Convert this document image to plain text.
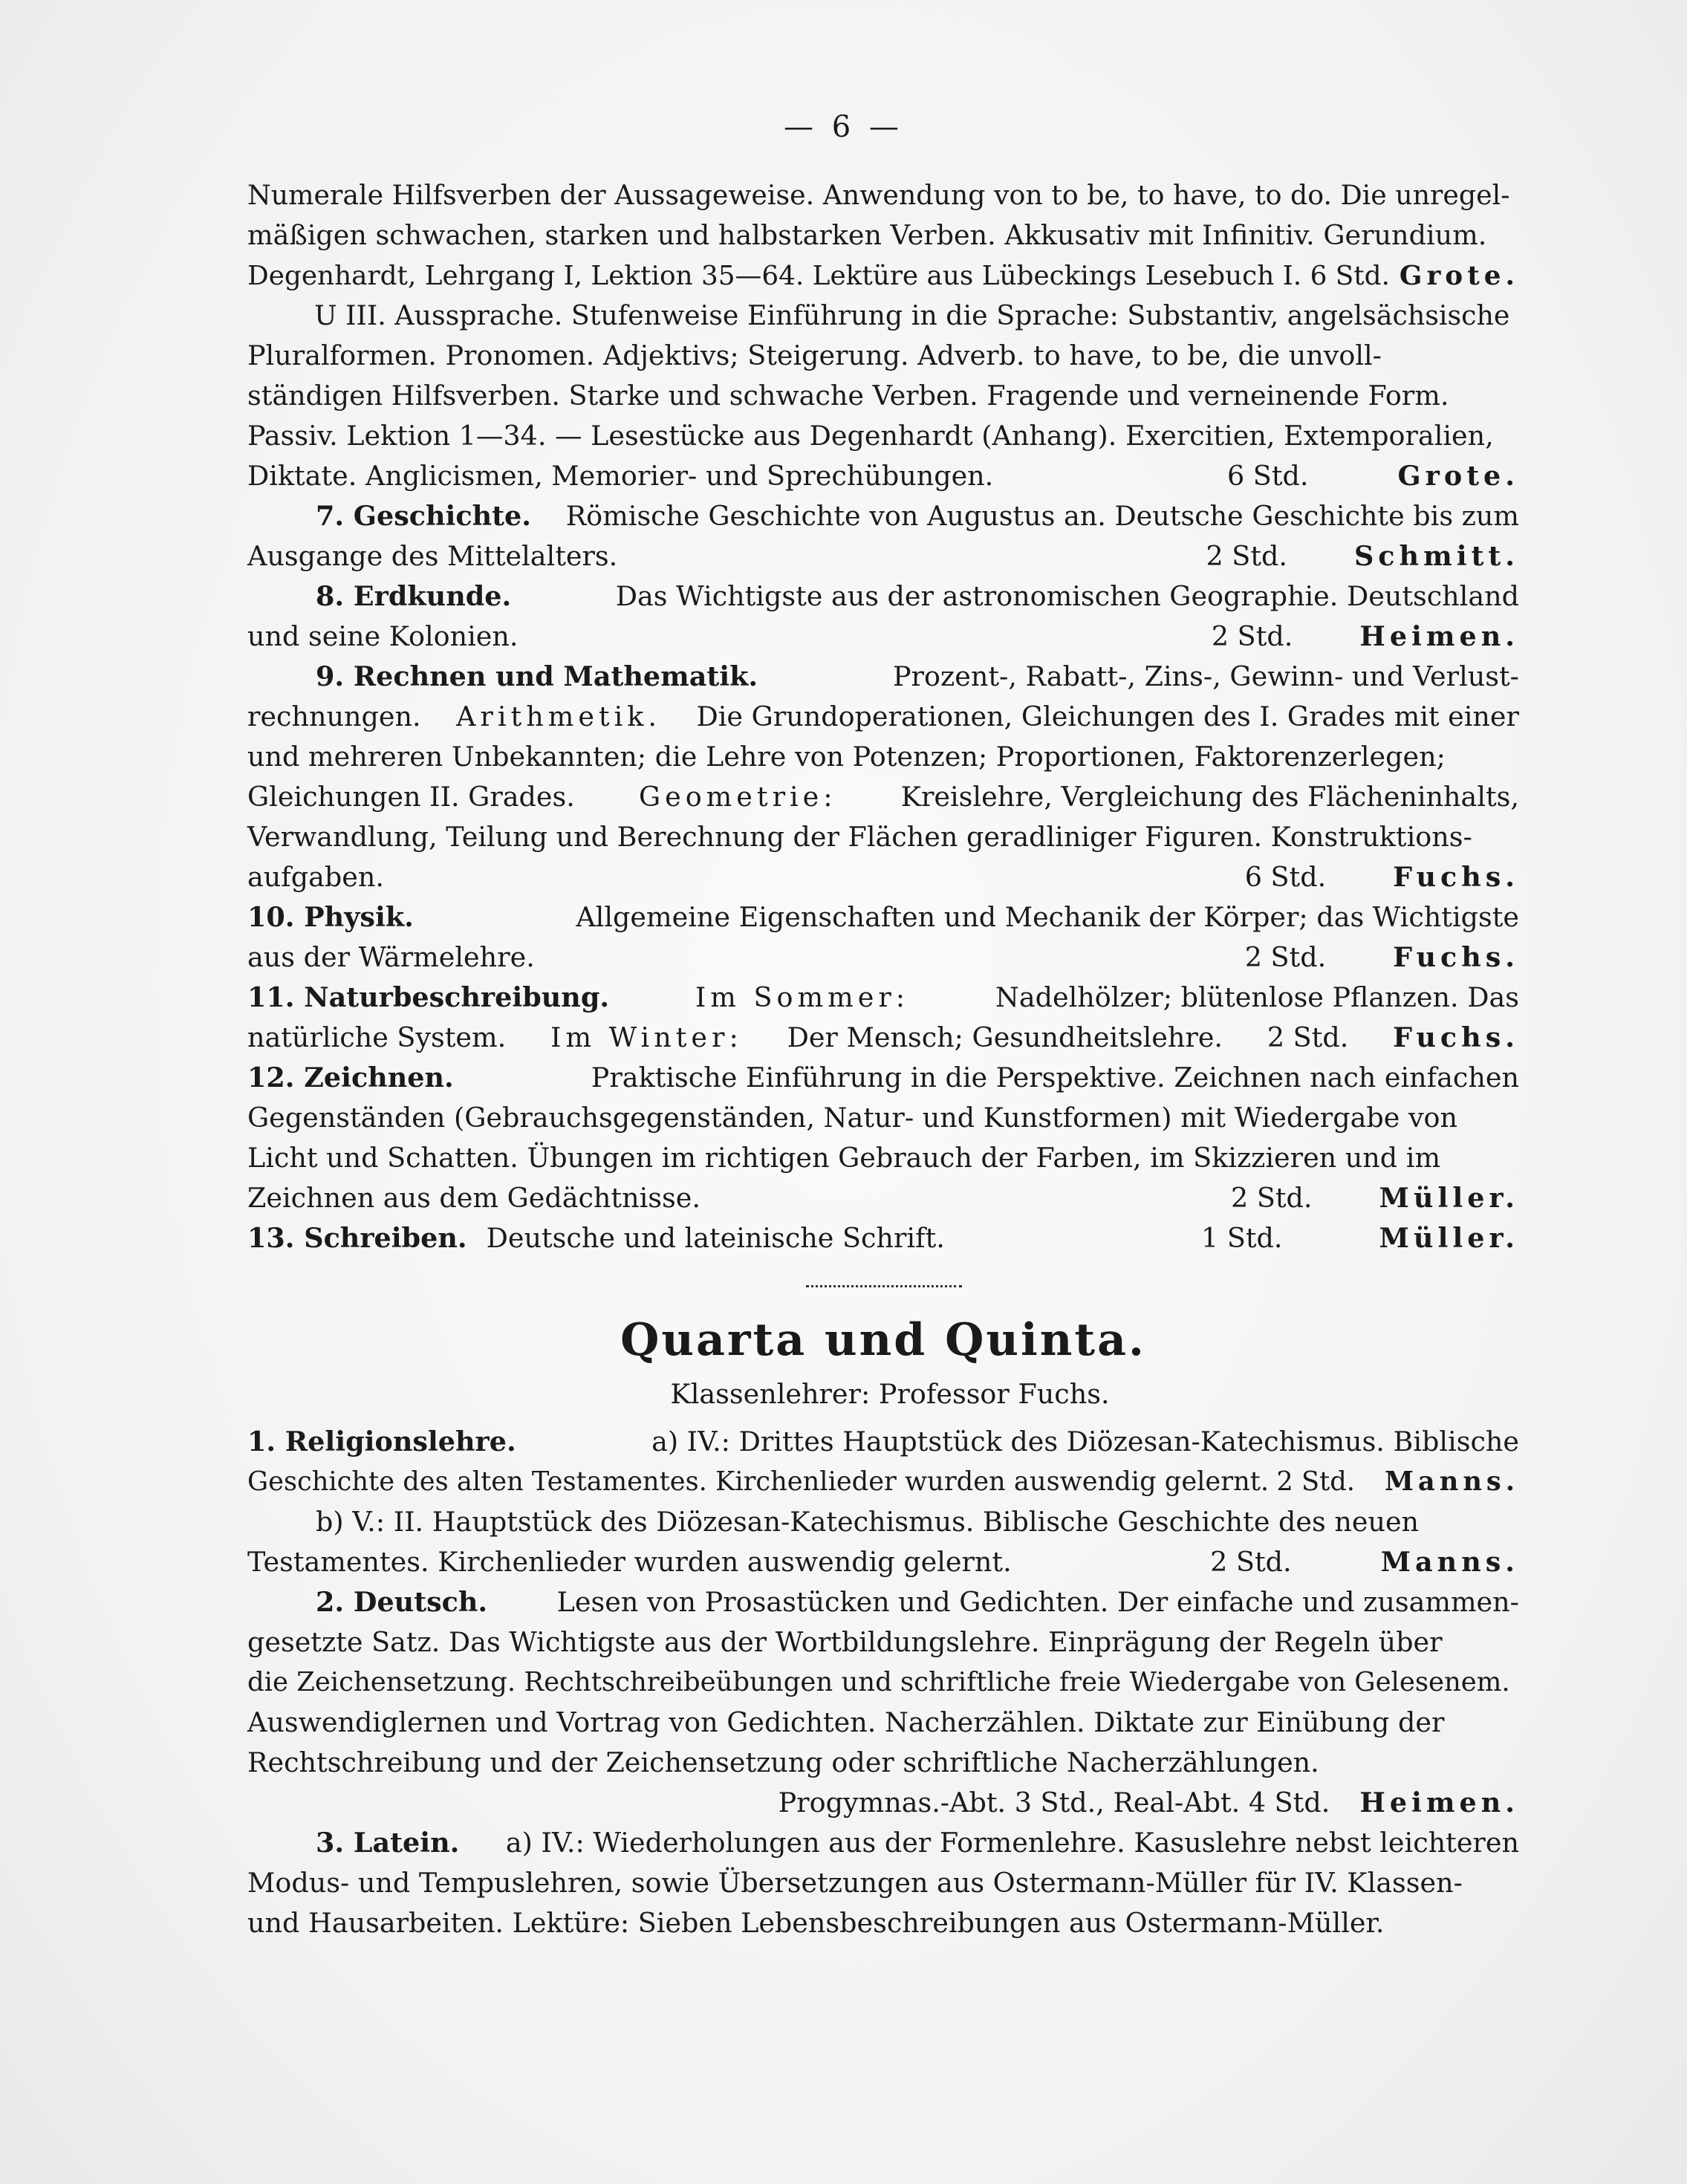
— 6 —
Numerale Hilfsverben der Aussageweise. Anwendung von to be, to have, to do. Die unregel-
mäßigen schwachen, starken und halbstarken Verben. Akkusativ mit Infinitiv. Gerundium.
Degenhardt, Lehrgang I, Lektion 35—64. Lektüre aus Lübeckings Lesebuch I. 6 Std. Grote.
U III. Aussprache. Stufenweise Einführung in die Sprache: Substantiv, angelsächsische
Pluralformen. Pronomen. Adjektivs; Steigerung. Adverb. to have, to be, die unvoll-
ständigen Hilfsverben. Starke und schwache Verben. Fragende und verneinende Form.
Passiv. Lektion 1—34. — Lesestücke aus Degenhardt (Anhang). Exercitien, Extemporalien,
Diktate. Anglicismen, Memorier- und Sprechübungen.	6 Std.	Grote.
7. Geschichte. Römische Geschichte von Augustus an. Deutsche Geschichte bis zum
Ausgange des Mittelalters.	2 Std. Schmitt.
8. Erdkunde.	Das Wichtigste aus der astronomischen Geographie. Deutschland
und seine Kolonien.	2 Std. Heimen.
9. Rechnen und Mathematik.	Prozent-, Rabatt-, Zins-, Gewinn- und Verlust-
rechnungen. Arithmetik. Die Grundoperationen, Gleichungen des I. Grades mit einer
und mehreren Unbekannten; die Lehre von Potenzen; Proportionen, Faktorenzerlegen;
Gleichungen II. Grades. Geometrie: Kreislehre, Vergleichung des Flächeninhalts,
Verwandlung, Teilung und Berechnung der Flächen geradliniger Figuren. Konstruktions-
aufgaben.	6 Std. Fuchs.
10. Physik.	Allgemeine Eigenschaften und Mechanik der Körper; das Wichtigste
aus der Wärmelehre.	2 Std. Fuchs.
11. Naturbeschreibung.	Im Sommer:	Nadelhölzer; blütenlose Pflanzen. Das
natürliche System. Im Winter: Der Mensch; Gesundheitslehre. 2 Std. Fuchs.
12. Zeichnen.	Praktische Einführung in die Perspektive. Zeichnen nach einfachen
Gegenständen (Gebrauchsgegenständen, Natur- und Kunstformen) mit Wiedergabe von
Licht und Schatten. Übungen im richtigen Gebrauch der Farben, im Skizzieren und im
Zeichnen aus dem Gedächtnisse.	2 Std. Müller.
13. Schreiben. Deutsche und lateinische Schrift.	1 Std.	Müller.
Quarta und Quinta.
Klassenlehrer: Professor Fuchs.
1. Religionslehre.	a) IV.: Drittes Hauptstück des Diözesan-Katechismus. Biblische
Geschichte des alten Testamentes. Kirchenlieder wurden auswendig gelernt. 2 Std. Manns.
b) V.: II. Hauptstück des Diözesan-Katechismus. Biblische Geschichte des neuen
Testamentes. Kirchenlieder wurden auswendig gelernt.	2 Std.	Manns.
2. Deutsch.	Lesen von Prosastücken und Gedichten. Der einfache und zusammen-
gesetzte Satz. Das Wichtigste aus der Wortbildungslehre. Einprägung der Regeln über
die Zeichensetzung. Rechtschreibeübungen und schriftliche freie Wiedergabe von Gelesenem.
Auswendiglernen und Vortrag von Gedichten. Nacherzählen. Diktate zur Einübung der
Rechtschreibung und der Zeichensetzung oder schriftliche Nacherzählungen.
Progymnas.-Abt. 3 Std., Real-Abt. 4 Std. Heimen.
3. Latein. a) IV.: Wiederholungen aus der Formenlehre. Kasuslehre nebst leichteren
Modus- und Tempuslehren, sowie Übersetzungen aus Ostermann-Müller für IV. Klassen-
und Hausarbeiten. Lektüre: Sieben Lebensbeschreibungen aus Ostermann-Müller.
